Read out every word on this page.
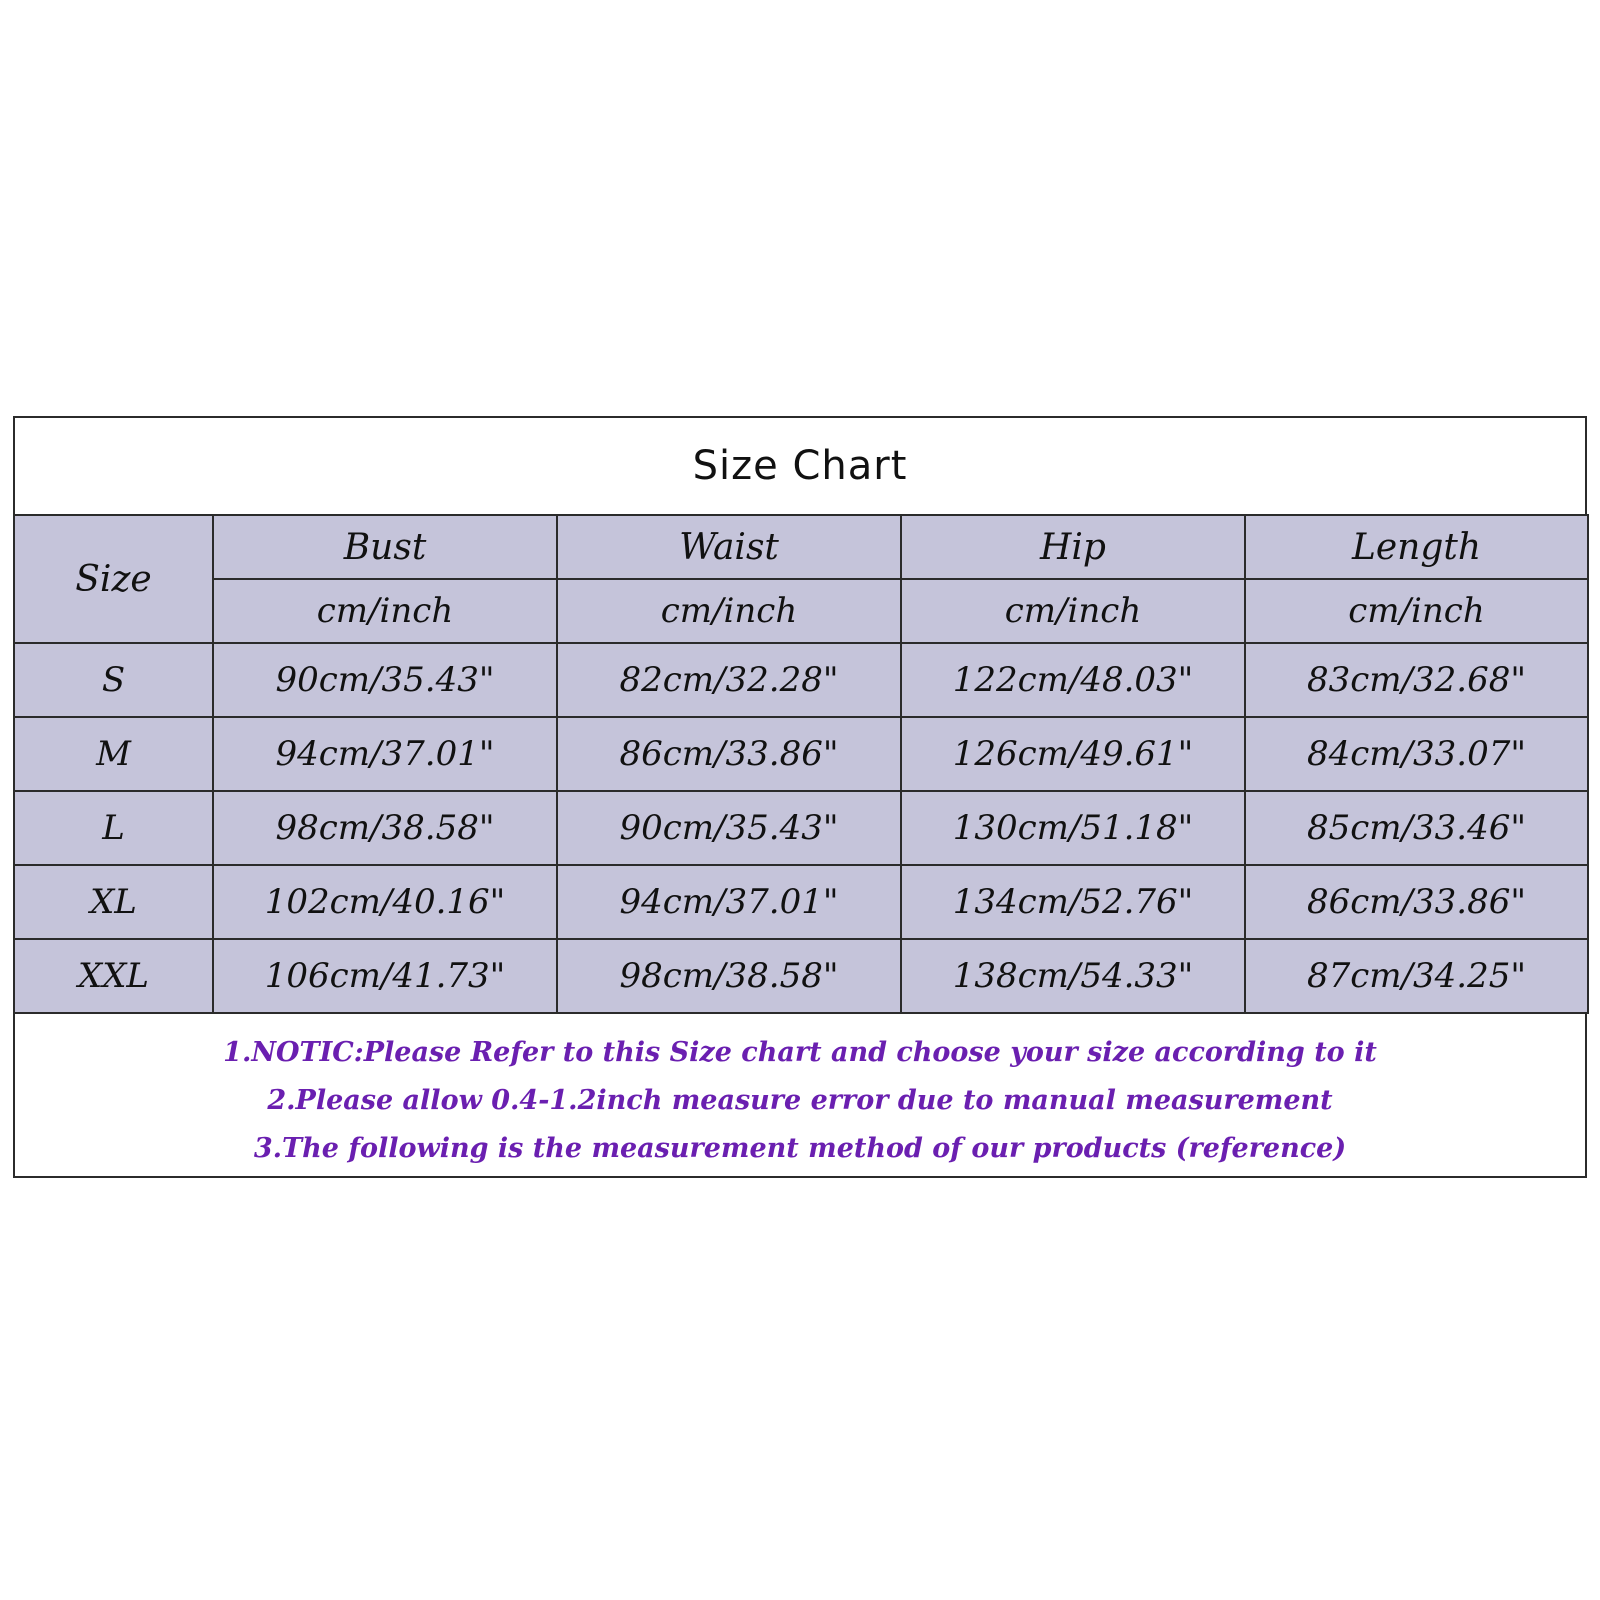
Size Chart
Size	Bust	Waist	Hip	Length
	cm/inch	cm/inch	cm/inch	cm/inch
S	90cm/35.43"	82cm/32.28"	122cm/48.03"	83cm/32.68"
M	94cm/37.01"	86cm/33.86"	126cm/49.61"	84cm/33.07"
L	98cm/38.58"	90cm/35.43"	130cm/51.18"	85cm/33.46"
XL	102cm/40.16"	94cm/37.01"	134cm/52.76"	86cm/33.86"
XXL	106cm/41.73"	98cm/38.58"	138cm/54.33"	87cm/34.25"
1.NOTIC:Please Refer to this Size chart and choose your size according to it
2.Please allow 0.4-1.2inch measure error due to manual measurement
3.The following is the measurement method of our products (reference)
